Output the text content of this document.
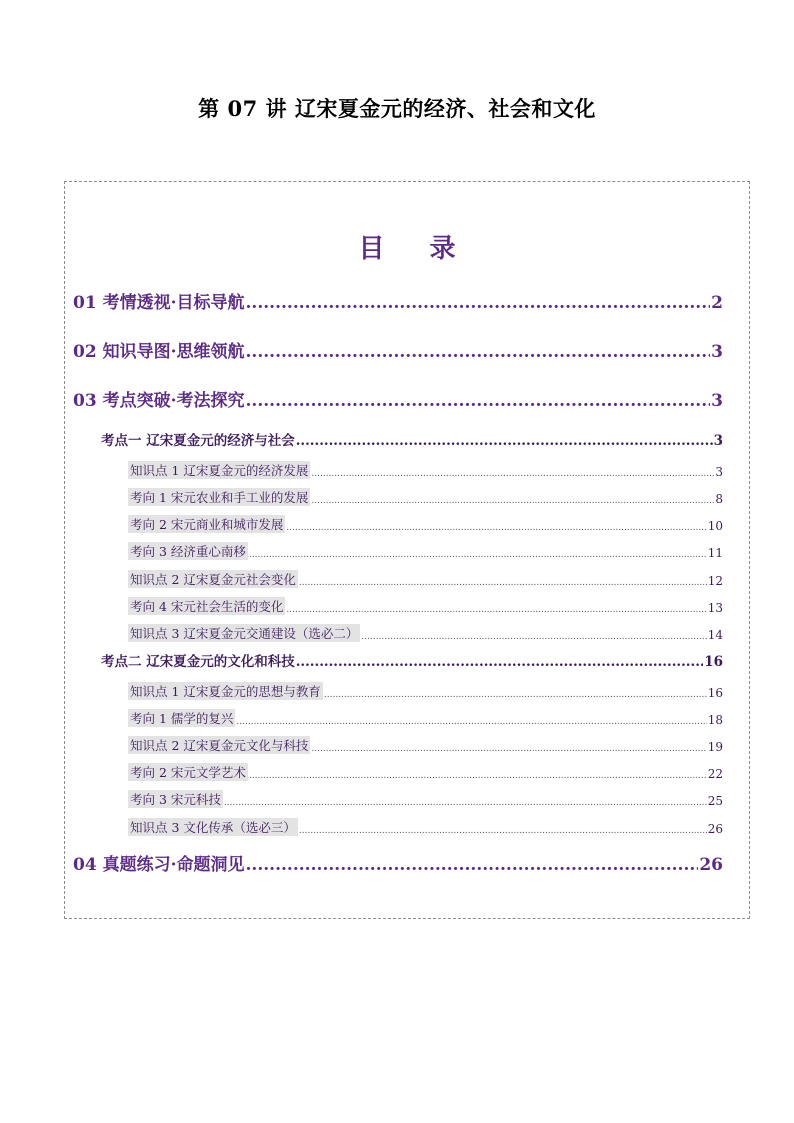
第 07 讲 辽宋夏金元的经济、社会和文化
目 录
01 考情透视·目标导航 .....	2
02 知识导图·思维领航 .....	3
03 考点突破·考法探究 .....	3
考点一 辽宋夏金元的经济与社会 .....	3
知识点 1 辽宋夏金元的经济发展 .....	3
考向 1 宋元农业和手工业的发展 .....	8
考向 2 宋元商业和城市发展 .....	10
考向 3 经济重心南移 .....	11
知识点 2 辽宋夏金元社会变化 .....	12
考向 4 宋元社会生活的变化 .....	13
知识点 3 辽宋夏金元交通建设（选必二） .....	14
考点二 辽宋夏金元的文化和科技 .....	16
知识点 1 辽宋夏金元的思想与教育 .....	16
考向 1 儒学的复兴 .....	18
知识点 2 辽宋夏金元文化与科技 .....	19
考向 2 宋元文学艺术 .....	22
考向 3 宋元科技 .....	25
知识点 3 文化传承（选必三） .....	26
04 真题练习·命题洞见 .....	26
